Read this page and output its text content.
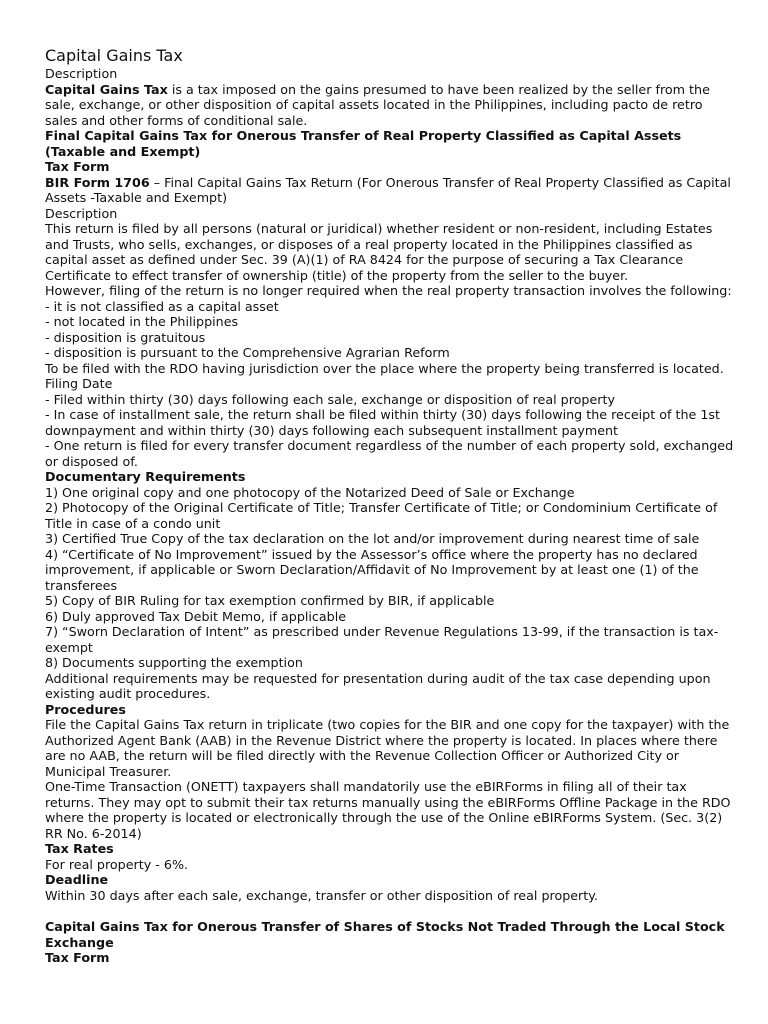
Capital Gains Tax

Description

Capital Gains Tax is a tax imposed on the gains presumed to have been realized by the seller from the sale, exchange, or other disposition of capital assets located in the Philippines, including pacto de retro sales and other forms of conditional sale.

Final Capital Gains Tax for Onerous Transfer of Real Property Classified as Capital Assets (Taxable and Exempt)

Tax Form

BIR Form 1706 – Final Capital Gains Tax Return (For Onerous Transfer of Real Property Classified as Capital Assets -Taxable and Exempt)

Description

This return is filed by all persons (natural or juridical) whether resident or non-resident, including Estates and Trusts, who sells, exchanges, or disposes of a real property located in the Philippines classified as capital asset as defined under Sec. 39 (A)(1) of RA 8424 for the purpose of securing a Tax Clearance Certificate to effect transfer of ownership (title) of the property from the seller to the buyer.

However, filing of the return is no longer required when the real property transaction involves the following:

- it is not classified as a capital asset

- not located in the Philippines

- disposition is gratuitous

- disposition is pursuant to the Comprehensive Agrarian Reform

To be filed with the RDO having jurisdiction over the place where the property being transferred is located.

Filing Date

- Filed within thirty (30) days following each sale, exchange or disposition of real property

- In case of installment sale, the return shall be filed within thirty (30) days following the receipt of the 1st downpayment and within thirty (30) days following each subsequent installment payment

- One return is filed for every transfer document regardless of the number of each property sold, exchanged or disposed of.

Documentary Requirements

1) One original copy and one photocopy of the Notarized Deed of Sale or Exchange

2) Photocopy of the Original Certificate of Title; Transfer Certificate of Title; or Condominium Certificate of Title in case of a condo unit

3) Certified True Copy of the tax declaration on the lot and/or improvement during nearest time of sale

4) “Certificate of No Improvement” issued by the Assessor’s office where the property has no declared improvement, if applicable or Sworn Declaration/Affidavit of No Improvement by at least one (1) of the transferees

5) Copy of BIR Ruling for tax exemption confirmed by BIR, if applicable

6) Duly approved Tax Debit Memo, if applicable

7) “Sworn Declaration of Intent” as prescribed under Revenue Regulations 13-99, if the transaction is tax-exempt

8) Documents supporting the exemption

Additional requirements may be requested for presentation during audit of the tax case depending upon existing audit procedures.

Procedures

File the Capital Gains Tax return in triplicate (two copies for the BIR and one copy for the taxpayer) with the Authorized Agent Bank (AAB) in the Revenue District where the property is located. In places where there are no AAB, the return will be filed directly with the Revenue Collection Officer or Authorized City or Municipal Treasurer.

One-Time Transaction (ONETT) taxpayers shall mandatorily use the eBIRForms in filing all of their tax returns. They may opt to submit their tax returns manually using the eBIRForms Offline Package in the RDO where the property is located or electronically through the use of the Online eBIRForms System. (Sec. 3(2) RR No. 6-2014)

Tax Rates

For real property - 6%.

Deadline

Within 30 days after each sale, exchange, transfer or other disposition of real property.

Capital Gains Tax for Onerous Transfer of Shares of Stocks Not Traded Through the Local Stock Exchange

Tax Form
